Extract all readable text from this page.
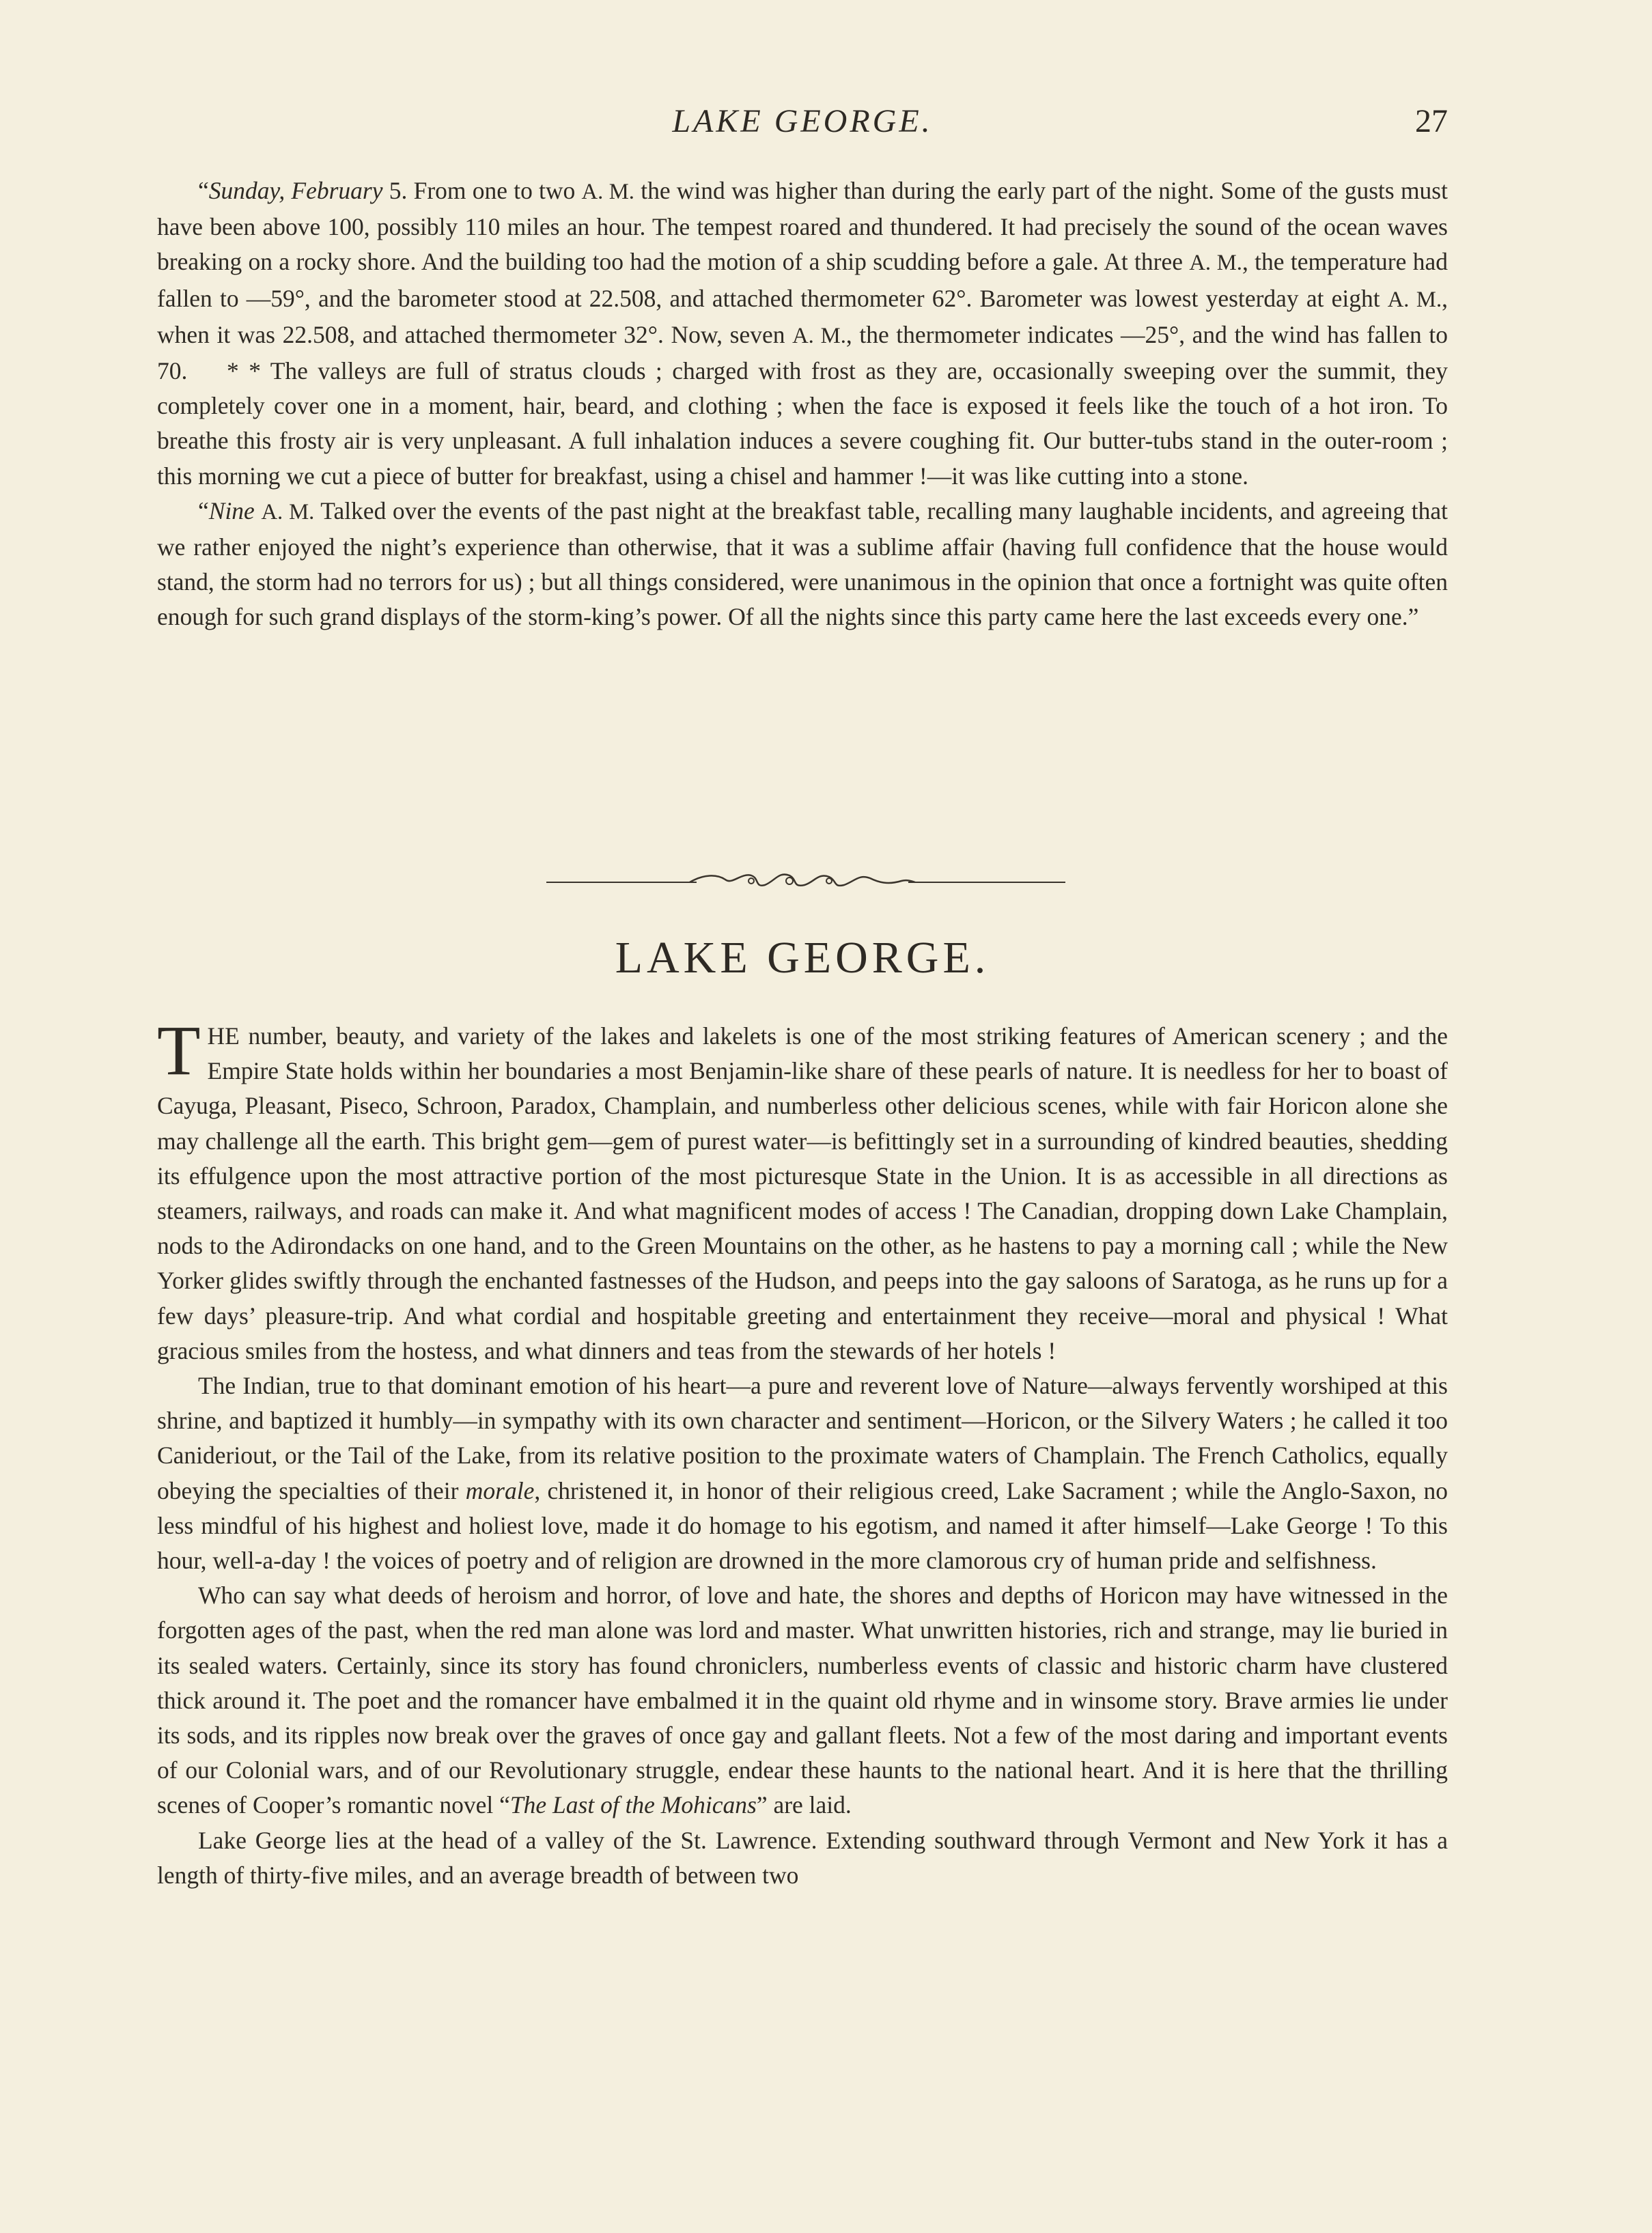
LAKE GEORGE.	27

“Sunday, February 5. From one to two A. M. the wind was higher than during the early part of the night. Some of the gusts must have been above 100, possibly 110 miles an hour. The tempest roared and thundered. It had precisely the sound of the ocean waves breaking on a rocky shore. And the building too had the motion of a ship scudding before a gale. At three A. M., the temperature had fallen to —59°, and the barometer stood at 22.508, and attached thermometer 62°. Barometer was lowest yesterday at eight A. M., when it was 22.508, and attached thermometer 32°. Now, seven A. M., the thermometer indicates —25°, and the wind has fallen to 70. * * The valleys are full of stratus clouds ; charged with frost as they are, occasionally sweeping over the summit, they completely cover one in a moment, hair, beard, and clothing ; when the face is exposed it feels like the touch of a hot iron. To breathe this frosty air is very unpleasant. A full inhalation induces a severe coughing fit. Our butter-tubs stand in the outer-room ; this morning we cut a piece of butter for breakfast, using a chisel and hammer !—it was like cutting into a stone.

“Nine A. M. Talked over the events of the past night at the breakfast table, recalling many laughable incidents, and agreeing that we rather enjoyed the night’s experience than otherwise, that it was a sublime affair (having full confidence that the house would stand, the storm had no terrors for us) ; but all things considered, were unanimous in the opinion that once a fortnight was quite often enough for such grand displays of the storm-king’s power. Of all the nights since this party came here the last exceeds every one.”

LAKE GEORGE.

THE number, beauty, and variety of the lakes and lakelets is one of the most striking features of American scenery ; and the Empire State holds within her boundaries a most Benjamin-like share of these pearls of nature. It is needless for her to boast of Cayuga, Pleasant, Piseco, Schroon, Paradox, Champlain, and numberless other delicious scenes, while with fair Horicon alone she may challenge all the earth. This bright gem—gem of purest water—is befittingly set in a surrounding of kindred beauties, shedding its effulgence upon the most attractive portion of the most picturesque State in the Union. It is as accessible in all directions as steamers, railways, and roads can make it. And what magnificent modes of access ! The Canadian, dropping down Lake Champlain, nods to the Adirondacks on one hand, and to the Green Mountains on the other, as he hastens to pay a morning call ; while the New Yorker glides swiftly through the enchanted fastnesses of the Hudson, and peeps into the gay saloons of Saratoga, as he runs up for a few days’ pleasure-trip. And what cordial and hospitable greeting and entertainment they receive—moral and physical ! What gracious smiles from the hostess, and what dinners and teas from the stewards of her hotels !

The Indian, true to that dominant emotion of his heart—a pure and reverent love of Nature—always fervently worshiped at this shrine, and baptized it humbly—in sympathy with its own character and sentiment—Horicon, or the Silvery Waters ; he called it too Canideriout, or the Tail of the Lake, from its relative position to the proximate waters of Champlain. The French Catholics, equally obeying the specialties of their morale, christened it, in honor of their religious creed, Lake Sacrament ; while the Anglo-Saxon, no less mindful of his highest and holiest love, made it do homage to his egotism, and named it after himself—Lake George ! To this hour, well-a-day ! the voices of poetry and of religion are drowned in the more clamorous cry of human pride and selfishness.

Who can say what deeds of heroism and horror, of love and hate, the shores and depths of Horicon may have witnessed in the forgotten ages of the past, when the red man alone was lord and master. What unwritten histories, rich and strange, may lie buried in its sealed waters. Certainly, since its story has found chroniclers, numberless events of classic and historic charm have clustered thick around it. The poet and the romancer have embalmed it in the quaint old rhyme and in winsome story. Brave armies lie under its sods, and its ripples now break over the graves of once gay and gallant fleets. Not a few of the most daring and important events of our Colonial wars, and of our Revolutionary struggle, endear these haunts to the national heart. And it is here that the thrilling scenes of Cooper’s romantic novel “The Last of the Mohicans” are laid.

Lake George lies at the head of a valley of the St. Lawrence. Extending southward through Vermont and New York it has a length of thirty-five miles, and an average breadth of between two
